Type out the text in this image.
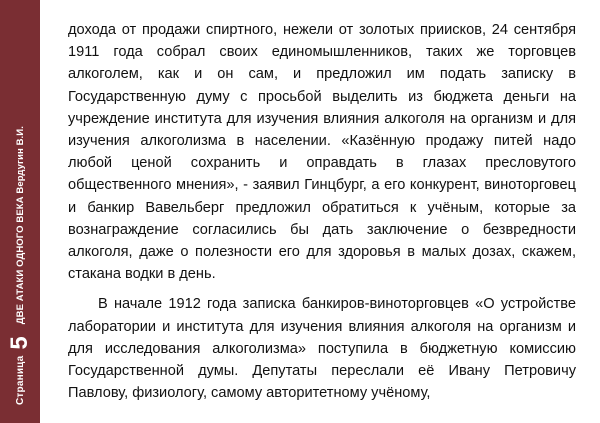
Страница
5
ДВЕ АТАКИ ОДНОГО ВЕКА Вердугин В.И.

дохода от продажи спиртного, нежели от золотых приисков, 24 сентября 1911 года собрал своих единомышленников, таких же торговцев алкоголем, как и он сам, и предложил им подать записку в Государственную думу с просьбой выделить из бюджета деньги на учреждение института для изучения влияния алкоголя на организм и для изучения алкоголизма в населении. «Казённую продажу питей надо любой ценой сохранить и оправдать в глазах пресловутого общественного мнения», - заявил Гинцбург, а его конкурент, виноторговец и банкир Вавельберг предложил обратиться к учёным, которые за вознаграждение согласились бы дать заключение о безвредности алкоголя, даже о полезности его для здоровья в малых дозах, скажем, стакана водки в день.

В начале 1912 года записка банкиров-виноторговцев «О устройстве лаборатории и института для изучения влияния алкоголя на организм и для исследования алкоголизма» поступила в бюджетную комиссию Государственной думы. Депутаты переслали её Ивану Петровичу Павлову, физиологу, самому авторитетному учёному,
